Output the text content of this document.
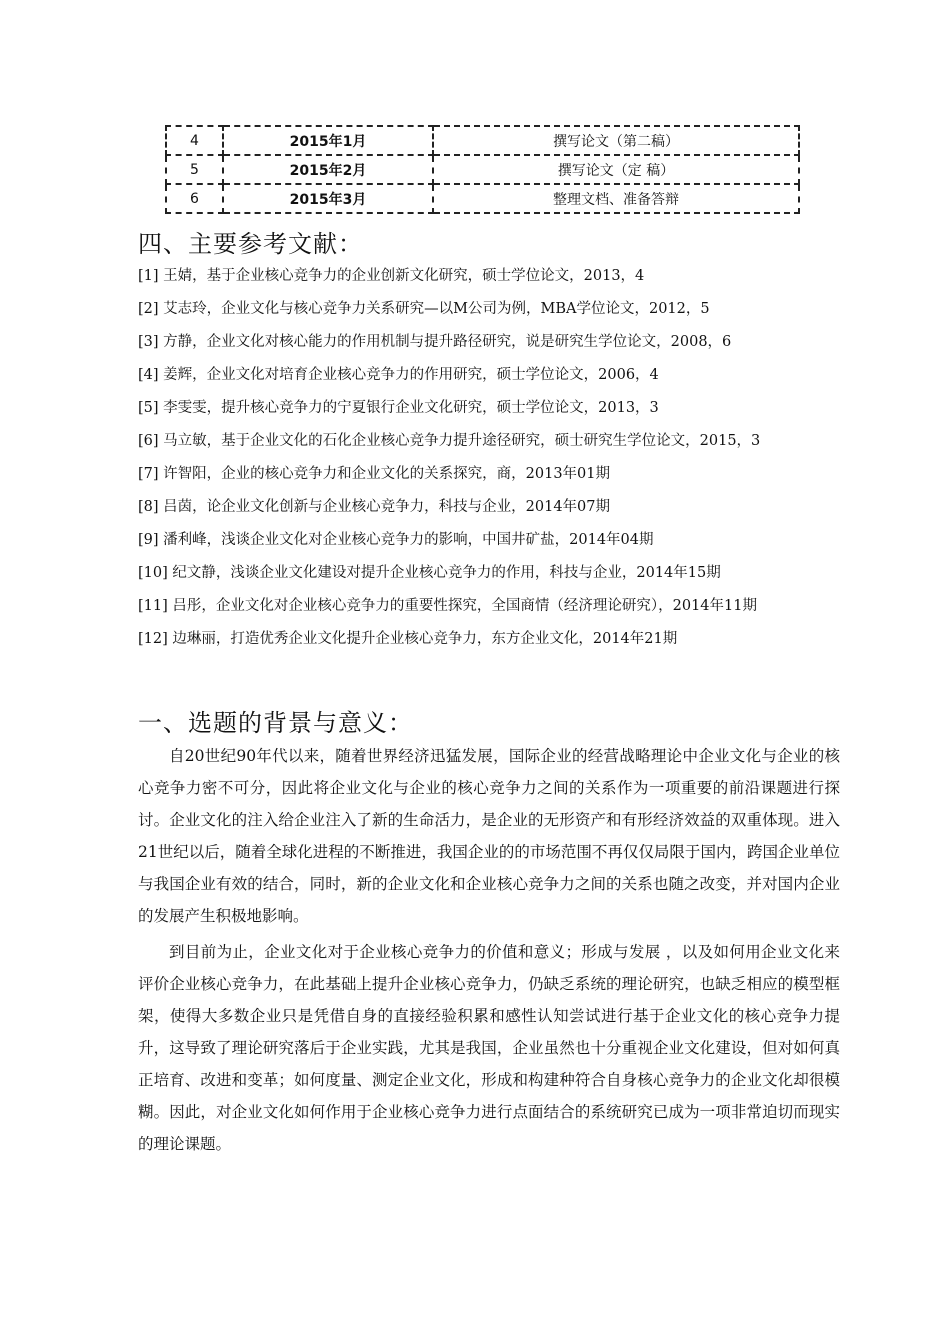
4	2015年1月	撰写论文（第二稿）
5	2015年2月	撰写论文（定 稿）
6	2015年3月	整理文档、准备答辩
四、主要参考文献：
[1] 王婧，基于企业核心竞争力的企业创新文化研究，硕士学位论文，2013，4
[2] 艾志玲，企业文化与核心竞争力关系研究—以M公司为例，MBA学位论文，2012，5
[3] 方静，企业文化对核心能力的作用机制与提升路径研究，说是研究生学位论文，2008，6
[4] 姜辉，企业文化对培育企业核心竞争力的作用研究，硕士学位论文，2006，4
[5] 李雯雯，提升核心竞争力的宁夏银行企业文化研究，硕士学位论文，2013，3
[6] 马立敏，基于企业文化的石化企业核心竞争力提升途径研究，硕士研究生学位论文，2015，3
[7] 许智阳，企业的核心竞争力和企业文化的关系探究，商，2013年01期
[8] 吕茵，论企业文化创新与企业核心竞争力，科技与企业，2014年07期
[9] 潘利峰，浅谈企业文化对企业核心竞争力的影响，中国井矿盐，2014年04期
[10] 纪文静，浅谈企业文化建设对提升企业核心竞争力的作用，科技与企业，2014年15期
[11] 吕彤，企业文化对企业核心竞争力的重要性探究，全国商情（经济理论研究），2014年11期
[12] 边琳丽，打造优秀企业文化提升企业核心竞争力，东方企业文化，2014年21期
一、选题的背景与意义：

自20世纪90年代以来，随着世界经济迅猛发展，国际企业的经营战略理论中企业文化与企业的核心竞争力密不可分，因此将企业文化与企业的核心竞争力之间的关系作为一项重要的前沿课题进行探讨。企业文化的注入给企业注入了新的生命活力，是企业的无形资产和有形经济效益的双重体现。进入21世纪以后，随着全球化进程的不断推进，我国企业的的市场范围不再仅仅局限于国内，跨国企业单位与我国企业有效的结合，同时，新的企业文化和企业核心竞争力之间的关系也随之改变，并对国内企业的发展产生积极地影响。

到目前为止，企业文化对于企业核心竞争力的价值和意义；形成与发展 ，以及如何用企业文化来评价企业核心竞争力，在此基础上提升企业核心竞争力，仍缺乏系统的理论研究，也缺乏相应的模型框架，使得大多数企业只是凭借自身的直接经验积累和感性认知尝试进行基于企业文化的核心竞争力提升，这导致了理论研究落后于企业实践，尤其是我国，企业虽然也十分重视企业文化建设，但对如何真正培育、改进和变革；如何度量、测定企业文化，形成和构建种符合自身核心竞争力的企业文化却很模糊。因此，对企业文化如何作用于企业核心竞争力进行点面结合的系统研究已成为一项非常迫切而现实的理论课题。
